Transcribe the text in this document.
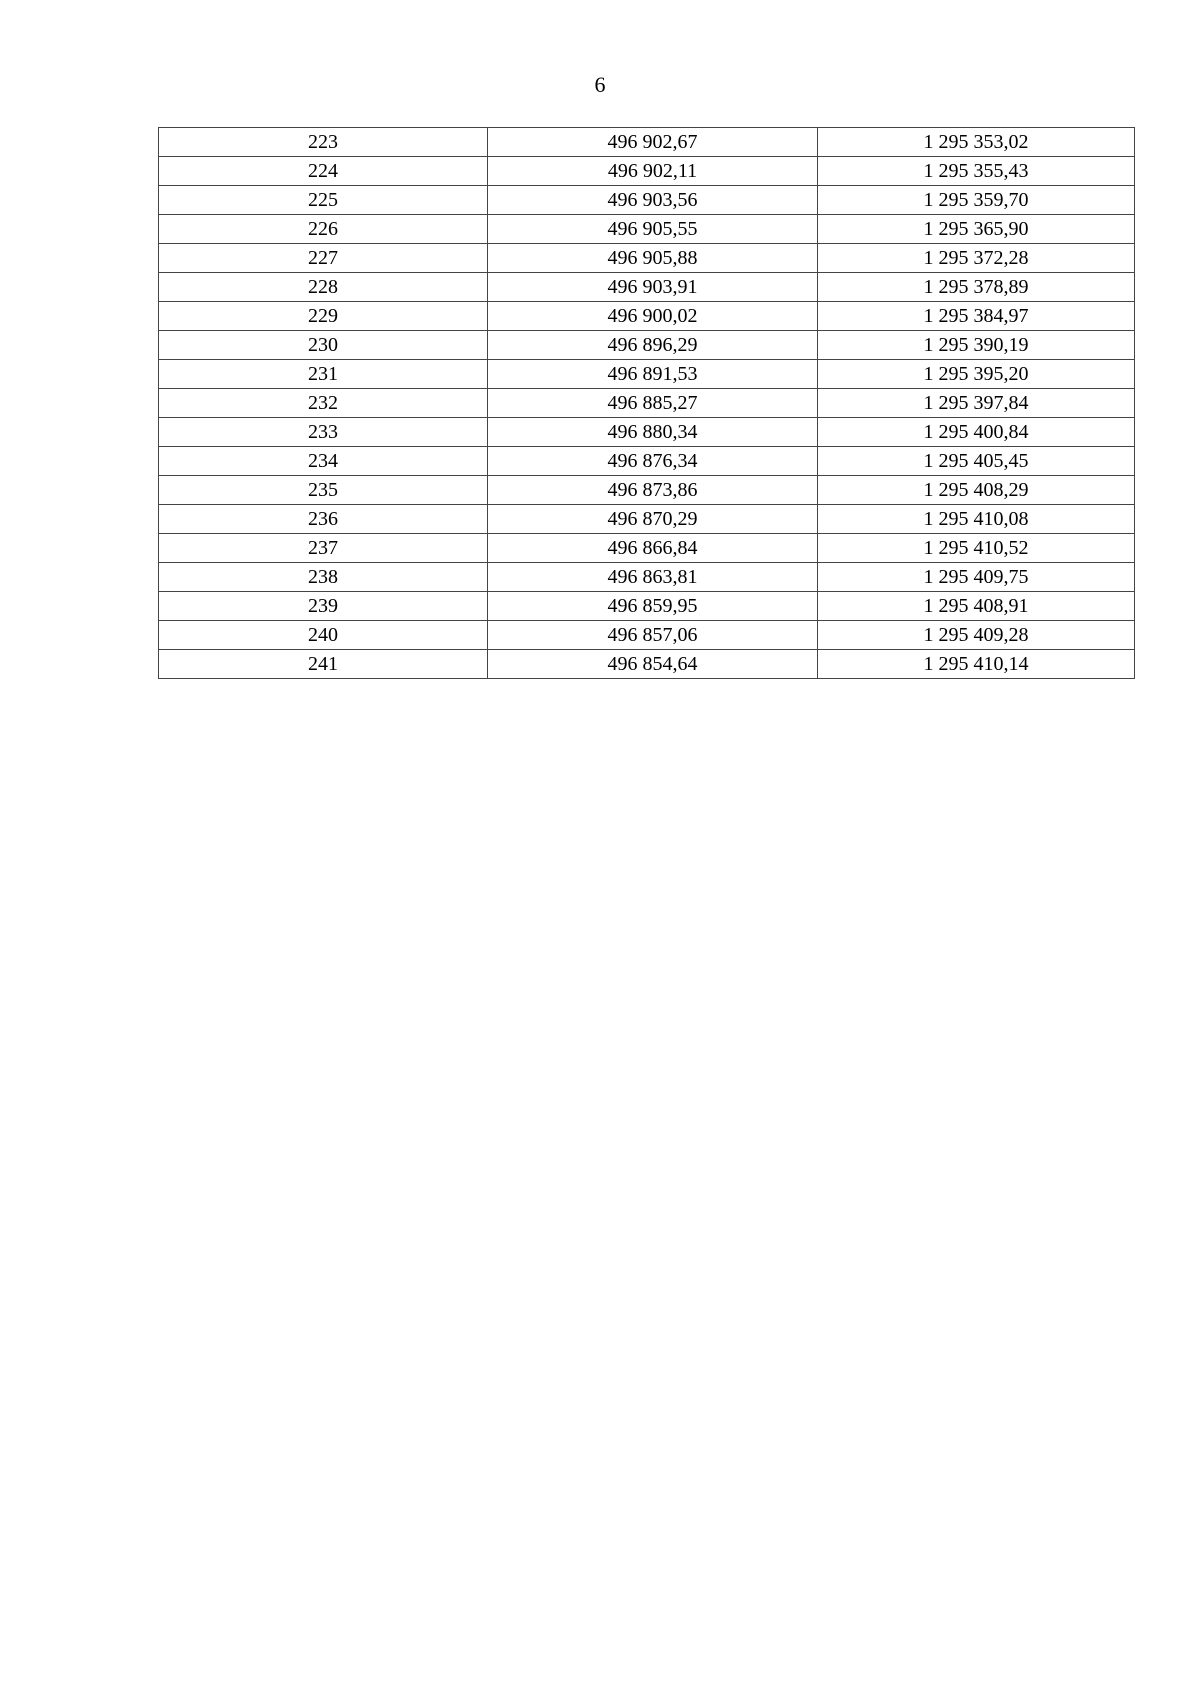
6
223	496 902,67	1 295 353,02
224	496 902,11	1 295 355,43
225	496 903,56	1 295 359,70
226	496 905,55	1 295 365,90
227	496 905,88	1 295 372,28
228	496 903,91	1 295 378,89
229	496 900,02	1 295 384,97
230	496 896,29	1 295 390,19
231	496 891,53	1 295 395,20
232	496 885,27	1 295 397,84
233	496 880,34	1 295 400,84
234	496 876,34	1 295 405,45
235	496 873,86	1 295 408,29
236	496 870,29	1 295 410,08
237	496 866,84	1 295 410,52
238	496 863,81	1 295 409,75
239	496 859,95	1 295 408,91
240	496 857,06	1 295 409,28
241	496 854,64	1 295 410,14
